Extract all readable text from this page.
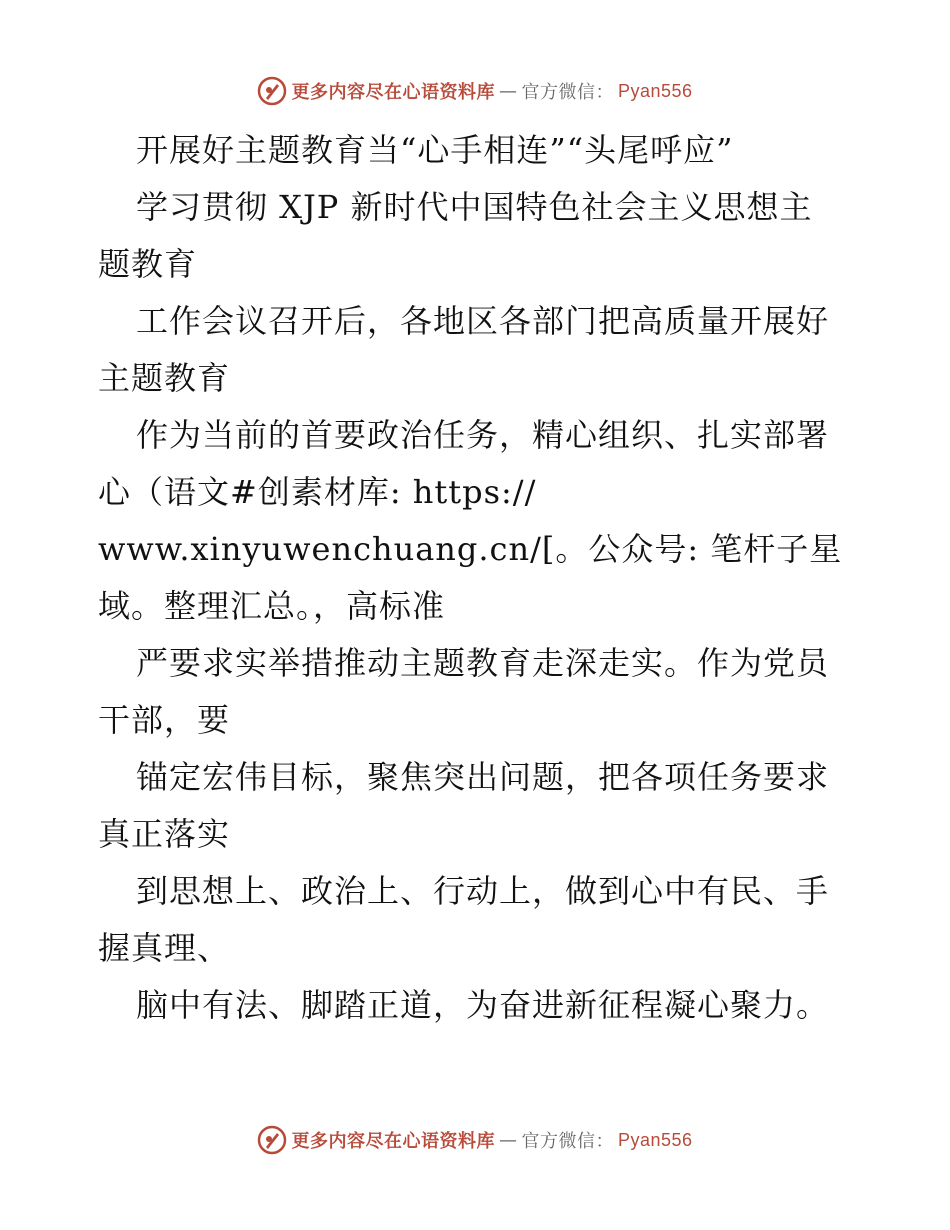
更多内容尽在心语资料库 — 官方微信： Pyan556
开展好主题教育当“心手相连”“头尾呼应”
学习贯彻 XJP 新时代中国特色社会主义思想主
题教育
工作会议召开后，各地区各部门把高质量开展好
主题教育
作为当前的首要政治任务，精心组织、扎实部署
心（语文#创素材库: https://
www.xinyuwenchuang.cn/[。公众号: 笔杆子星
域。整理汇总。，高标准
严要求实举措推动主题教育走深走实。作为党员
干部，要
锚定宏伟目标，聚焦突出问题，把各项任务要求
真正落实
到思想上、政治上、行动上，做到心中有民、手
握真理、
脑中有法、脚踏正道，为奋进新征程凝心聚力。
更多内容尽在心语资料库 — 官方微信： Pyan556
